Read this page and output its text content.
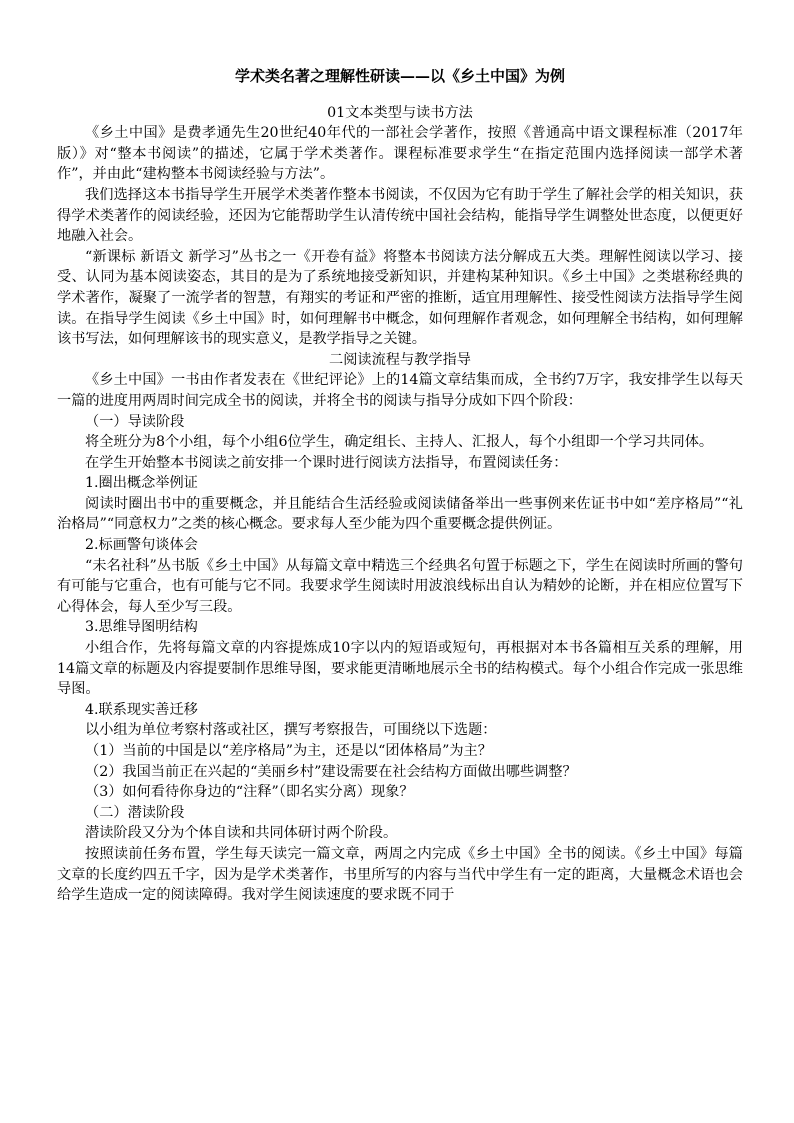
学术类名著之理解性研读——以《乡土中国》为例

01文本类型与读书方法

《乡土中国》是费孝通先生20世纪40年代的一部社会学著作，按照《普通高中语文课程标准（2017年版）》对“整本书阅读”的描述，它属于学术类著作。课程标准要求学生“在指定范围内选择阅读一部学术著作”，并由此“建构整本书阅读经验与方法”。

我们选择这本书指导学生开展学术类著作整本书阅读，不仅因为它有助于学生了解社会学的相关知识，获得学术类著作的阅读经验，还因为它能帮助学生认清传统中国社会结构，能指导学生调整处世态度，以便更好地融入社会。

“新课标 新语文 新学习”丛书之一《开卷有益》将整本书阅读方法分解成五大类。理解性阅读以学习、接受、认同为基本阅读姿态，其目的是为了系统地接受新知识，并建构某种知识。《乡土中国》之类堪称经典的学术著作，凝聚了一流学者的智慧，有翔实的考证和严密的推断，适宜用理解性、接受性阅读方法指导学生阅读。在指导学生阅读《乡土中国》时，如何理解书中概念，如何理解作者观念，如何理解全书结构，如何理解该书写法，如何理解该书的现实意义，是教学指导之关键。

二阅读流程与教学指导

《乡土中国》一书由作者发表在《世纪评论》上的14篇文章结集而成，全书约7万字，我安排学生以每天一篇的进度用两周时间完成全书的阅读，并将全书的阅读与指导分成如下四个阶段：

（一）导读阶段

将全班分为8个小组，每个小组6位学生，确定组长、主持人、汇报人，每个小组即一个学习共同体。

在学生开始整本书阅读之前安排一个课时进行阅读方法指导，布置阅读任务：

1.圈出概念举例证

阅读时圈出书中的重要概念，并且能结合生活经验或阅读储备举出一些事例来佐证书中如“差序格局”“礼治格局”“同意权力”之类的核心概念。要求每人至少能为四个重要概念提供例证。

2.标画警句谈体会

“未名社科”丛书版《乡土中国》从每篇文章中精选三个经典名句置于标题之下，学生在阅读时所画的警句有可能与它重合，也有可能与它不同。我要求学生阅读时用波浪线标出自认为精妙的论断，并在相应位置写下心得体会，每人至少写三段。

3.思维导图明结构

小组合作，先将每篇文章的内容提炼成10字以内的短语或短句，再根据对本书各篇相互关系的理解，用14篇文章的标题及内容提要制作思维导图，要求能更清晰地展示全书的结构模式。每个小组合作完成一张思维导图。

4.联系现实善迁移

以小组为单位考察村落或社区，撰写考察报告，可围绕以下选题：

（1）当前的中国是以“差序格局”为主，还是以“团体格局”为主？

（2）我国当前正在兴起的“美丽乡村”建设需要在社会结构方面做出哪些调整？

（3）如何看待你身边的“注释”（即名实分离）现象？

（二）潜读阶段

潜读阶段又分为个体自读和共同体研讨两个阶段。

按照读前任务布置，学生每天读完一篇文章，两周之内完成《乡土中国》全书的阅读。《乡土中国》每篇文章的长度约四五千字，因为是学术类著作，书里所写的内容与当代中学生有一定的距离，大量概念术语也会给学生造成一定的阅读障碍。我对学生阅读速度的要求既不同于
